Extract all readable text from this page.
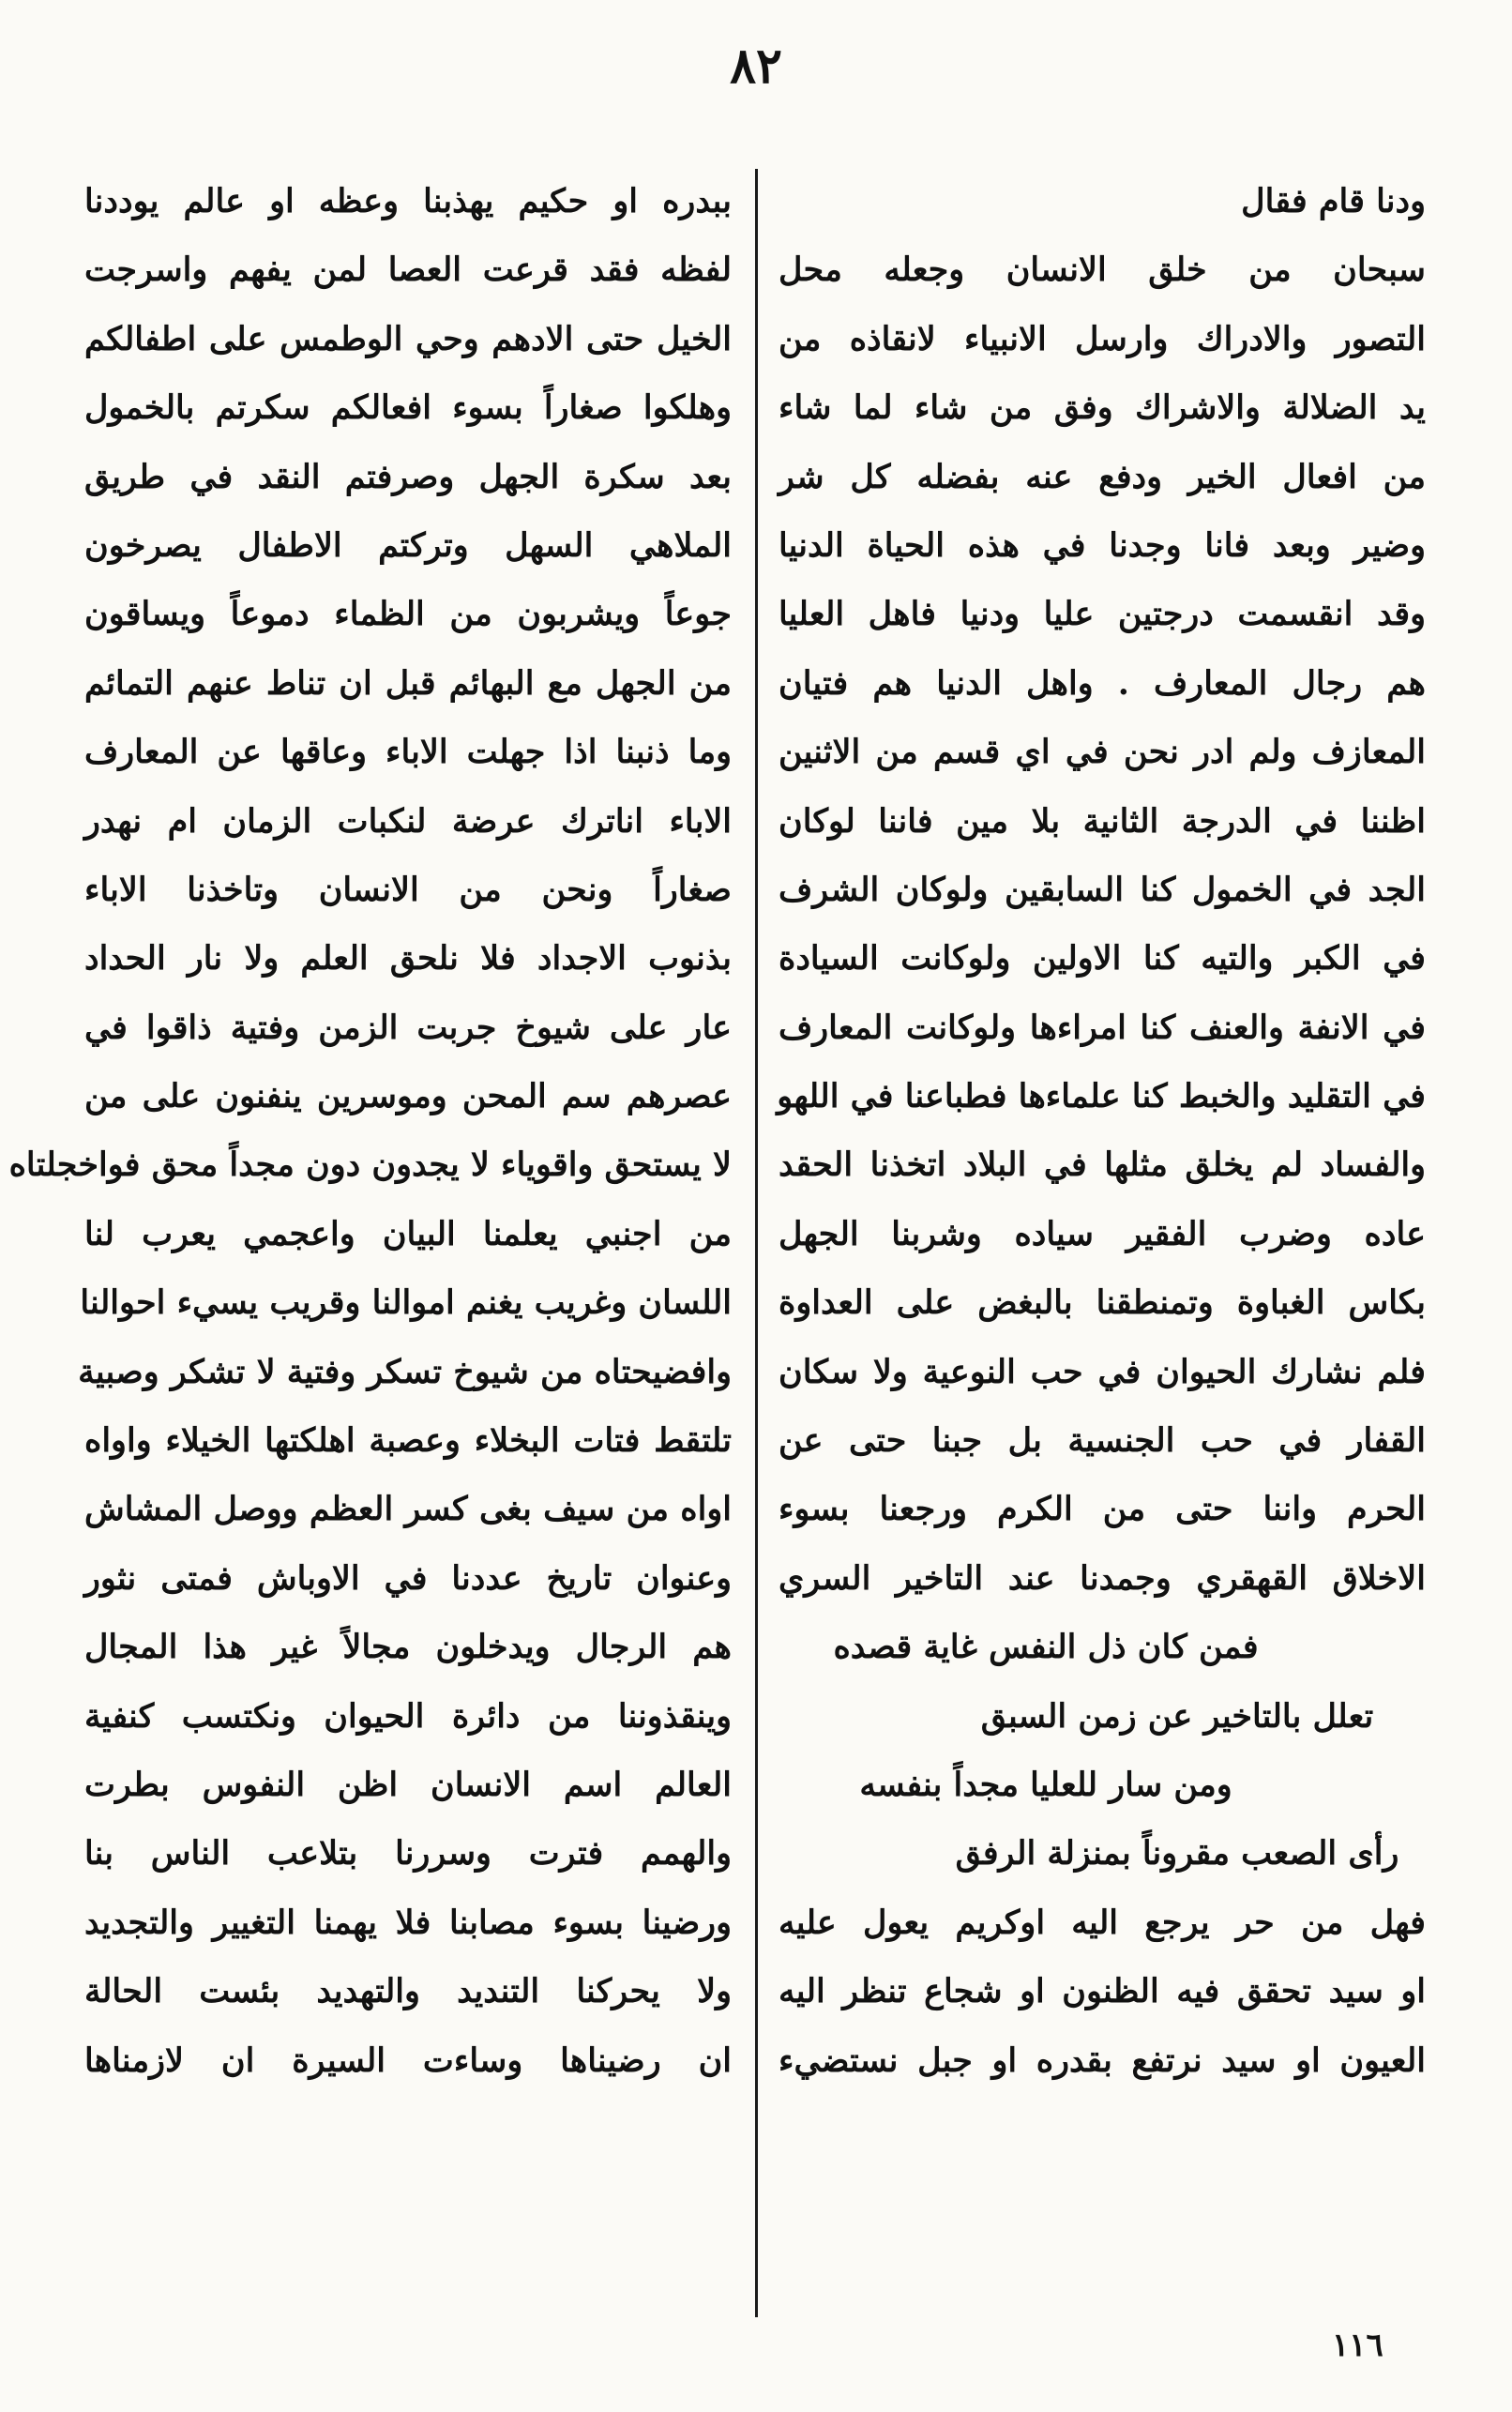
٨٢
ودنا قام فقال
سبحان من خلق الانسان وجعله محل
التصور والادراك وارسل الانبياء لانقاذه من
يد الضلالة والاشراك وفق من شاء لما شاء
من افعال الخير ودفع عنه بفضله كل شر
وضير وبعد فانا وجدنا في هذه الحياة الدنيا
وقد انقسمت درجتين عليا ودنيا فاهل العليا
هم رجال المعارف . واهل الدنيا هم فتيان
المعازف ولم ادر نحن في اي قسم من الاثنين
اظننا في الدرجة الثانية بلا مين فاننا لوكان
الجد في الخمول كنا السابقين ولوكان الشرف
في الكبر والتيه كنا الاولين ولوكانت السيادة
في الانفة والعنف كنا امراءها ولوكانت المعارف
في التقليد والخبط كنا علماءها فطباعنا في اللهو
والفساد لم يخلق مثلها في البلاد اتخذنا الحقد
عاده وضرب الفقير سياده وشربنا الجهل
بكاس الغباوة وتمنطقنا بالبغض على العداوة
فلم نشارك الحيوان في حب النوعية ولا سكان
القفار في حب الجنسية بل جبنا حتى عن
الحرم واننا حتى من الكرم ورجعنا بسوء
الاخلاق القهقري وجمدنا عند التاخير السري
فمن كان ذل النفس غاية قصده
تعلل بالتاخير عن زمن السبق
ومن سار للعليا مجداً بنفسه
رأى الصعب مقروناً بمنزلة الرفق
فهل من حر يرجع اليه اوكريم يعول عليه
او سيد تحقق فيه الظنون او شجاع تنظر اليه
العيون او سيد نرتفع بقدره او جبل نستضيء
ببدره او حكيم يهذبنا وعظه او عالم يوددنا
لفظه فقد قرعت العصا لمن يفهم واسرجت
الخيل حتى الادهم وحي الوطمس على اطفالكم
وهلكوا صغاراً بسوء افعالكم سكرتم بالخمول
بعد سكرة الجهل وصرفتم النقد في طريق
الملاهي السهل وتركتم الاطفال يصرخون
جوعاً ويشربون من الظماء دموعاً ويساقون
من الجهل مع البهائم قبل ان تناط عنهم التمائم
وما ذنبنا اذا جهلت الاباء وعاقها عن المعارف
الاباء اناترك عرضة لنكبات الزمان ام نهدر
صغاراً ونحن من الانسان وتاخذنا الاباء
بذنوب الاجداد فلا نلحق العلم ولا نار الحداد
عار على شيوخ جربت الزمن وفتية ذاقوا في
عصرهم سم المحن وموسرين ينفنون على من
لا يستحق واقوياء لا يجدون دون مجداً محق فواخجلتاه
من اجنبي يعلمنا البيان واعجمي يعرب لنا
اللسان وغريب يغنم اموالنا وقريب يسيء احوالنا
وافضيحتاه من شيوخ تسكر وفتية لا تشكر وصبية
تلتقط فتات البخلاء وعصبة اهلكتها الخيلاء واواه
اواه من سيف بغى كسر العظم ووصل المشاش
وعنوان تاريخ عددنا في الاوباش فمتى نثور
هم الرجال ويدخلون مجالاً غير هذا المجال
وينقذوننا من دائرة الحيوان ونكتسب كنفية
العالم اسم الانسان اظن النفوس بطرت
والهمم فترت وسررنا بتلاعب الناس بنا
ورضينا بسوء مصابنا فلا يهمنا التغيير والتجديد
ولا يحركنا التنديد والتهديد بئست الحالة
ان رضيناها وساءت السيرة ان لازمناها
١١٦
